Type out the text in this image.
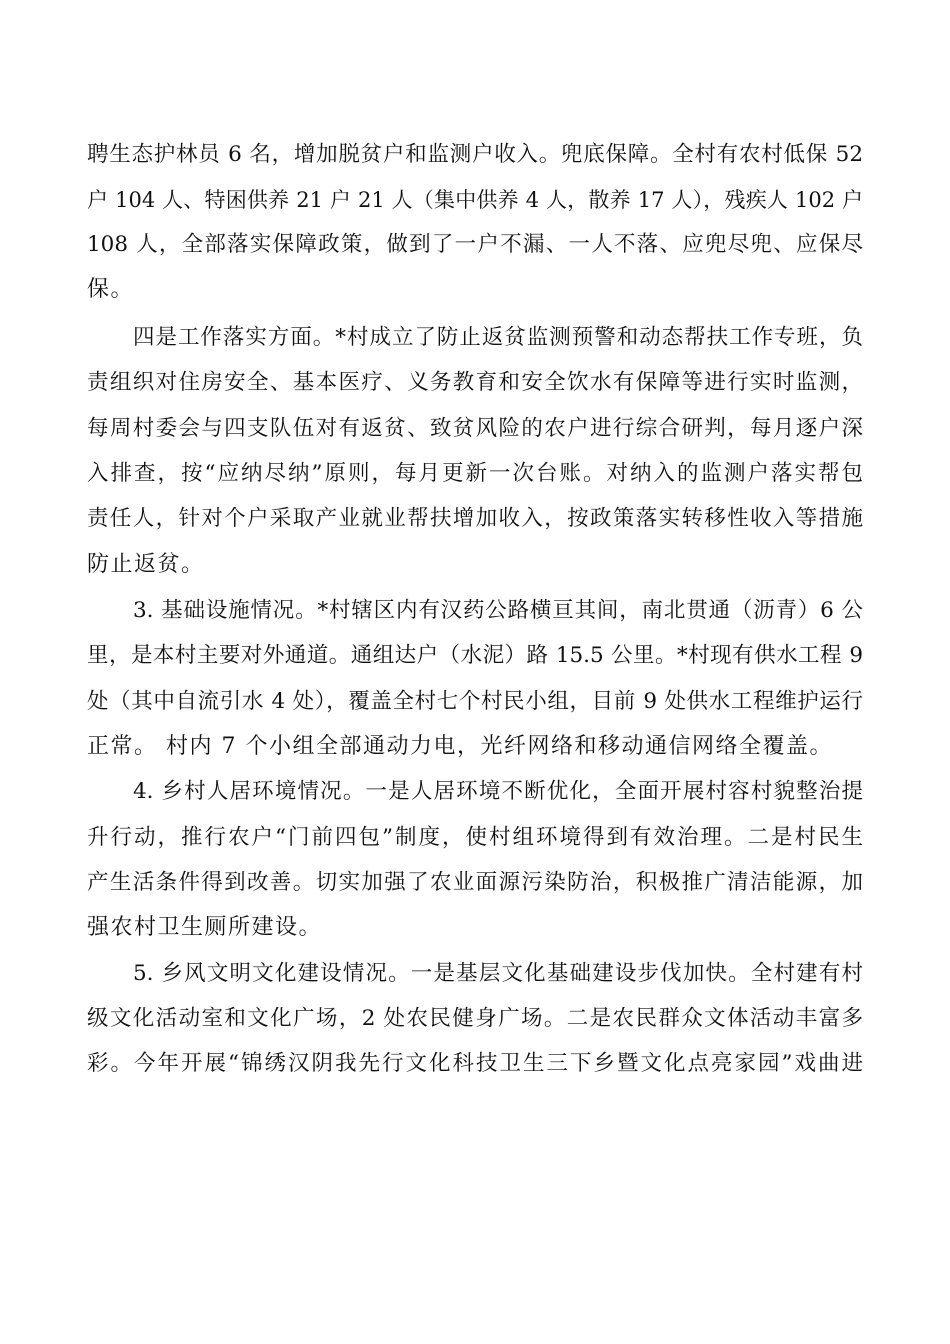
聘生态护林员 6 名，增加脱贫户和监测户收入。兜底保障。全村有农村低保 52
户 104 人、特困供养 21 户 21 人（集中供养 4 人，散养 17 人），残疾人 102 户
108 人，全部落实保障政策，做到了一户不漏、一人不落、应兜尽兜、应保尽
保。
四是工作落实方面。*村成立了防止返贫监测预警和动态帮扶工作专班，负
责组织对住房安全、基本医疗、义务教育和安全饮水有保障等进行实时监测，
每周村委会与四支队伍对有返贫、致贫风险的农户进行综合研判，每月逐户深
入排查，按“应纳尽纳”原则，每月更新一次台账。对纳入的监测户落实帮包
责任人，针对个户采取产业就业帮扶增加收入，按政策落实转移性收入等措施
防止返贫。
3. 基础设施情况。*村辖区内有汉药公路横亘其间，南北贯通（沥青）6 公
里，是本村主要对外通道。通组达户（水泥）路 15.5 公里。*村现有供水工程 9
处（其中自流引水 4 处），覆盖全村七个村民小组，目前 9 处供水工程维护运行
正常。 村内 7 个小组全部通动力电，光纤网络和移动通信网络全覆盖。
4. 乡村人居环境情况。一是人居环境不断优化，全面开展村容村貌整治提
升行动，推行农户“门前四包”制度，使村组环境得到有效治理。二是村民生
产生活条件得到改善。切实加强了农业面源污染防治，积极推广清洁能源，加
强农村卫生厕所建设。
5. 乡风文明文化建设情况。一是基层文化基础建设步伐加快。全村建有村
级文化活动室和文化广场，2 处农民健身广场。二是农民群众文体活动丰富多
彩。今年开展“锦绣汉阴我先行文化科技卫生三下乡暨文化点亮家园”戏曲进
